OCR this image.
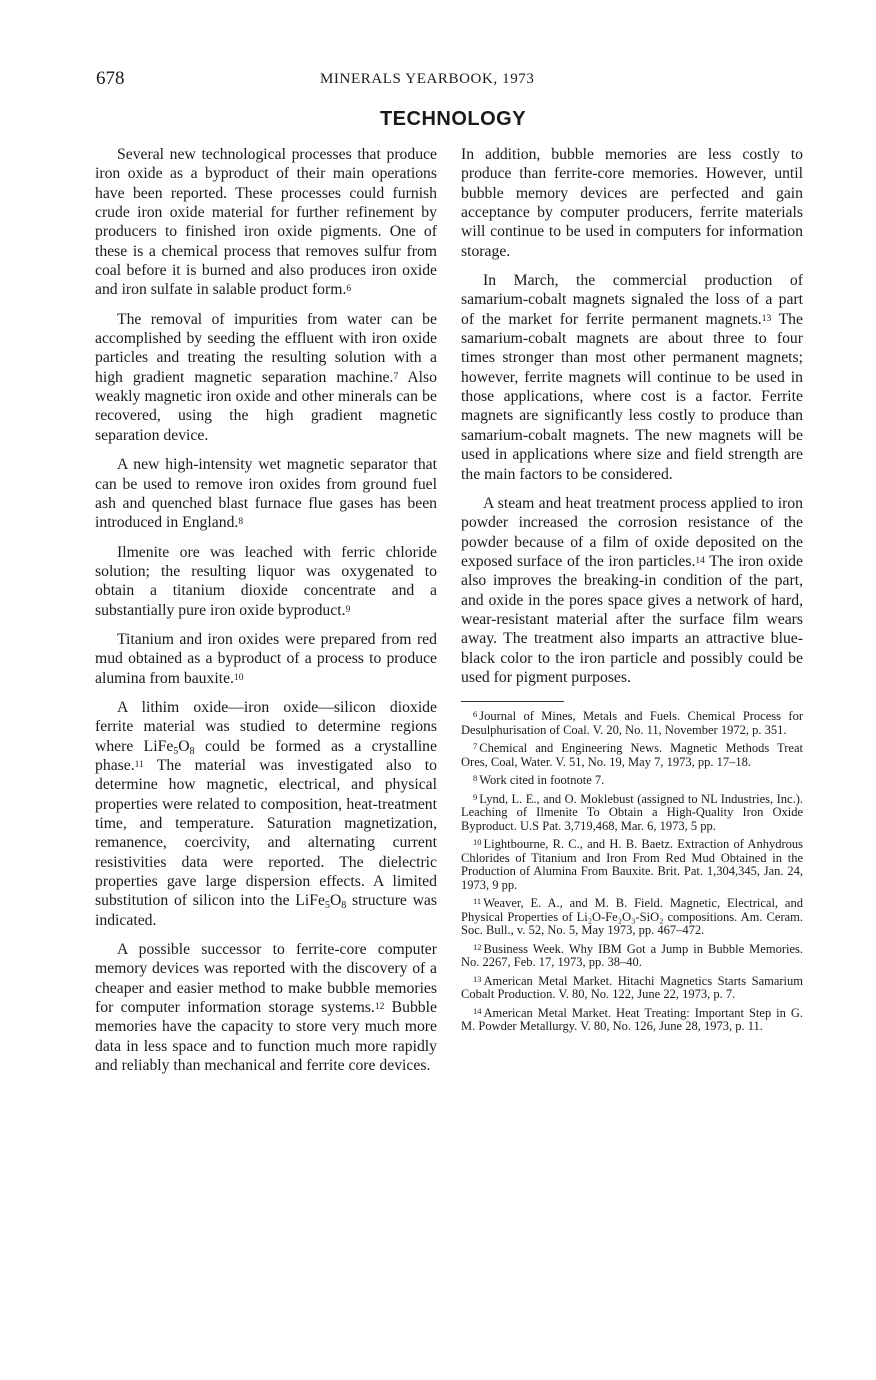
678	MINERALS YEARBOOK, 1973
TECHNOLOGY

Several new technological processes that produce iron oxide as a byproduct of their main operations have been reported. These processes could furnish crude iron oxide material for further refinement by producers to finished iron oxide pigments. One of these is a chemical process that removes sulfur from coal before it is burned and also produces iron oxide and iron sulfate in salable product form.6

The removal of impurities from water can be accomplished by seeding the effluent with iron oxide particles and treating the resulting solution with a high gradient magnetic separation machine.7 Also weakly magnetic iron oxide and other minerals can be recovered, using the high gradient magnetic separation device.

A new high-intensity wet magnetic separator that can be used to remove iron oxides from ground fuel ash and quenched blast furnace flue gases has been introduced in England.8

Ilmenite ore was leached with ferric chloride solution; the resulting liquor was oxygenated to obtain a titanium dioxide concentrate and a substantially pure iron oxide byproduct.9

Titanium and iron oxides were prepared from red mud obtained as a byproduct of a process to produce alumina from bauxite.10

A lithim oxide—iron oxide—silicon dioxide ferrite material was studied to determine regions where $LiFe_5O_8$ could be formed as a crystalline phase.11 The material was investigated also to determine how magnetic, electrical, and physical properties were related to composition, heat-treatment time, and temperature. Saturation magnetization, remanence, coercivity, and alternating current resistivities data were reported. The dielectric properties gave large dispersion effects. A limited substitution of silicon into the $LiFe_5O_8$ structure was indicated.

A possible successor to ferrite-core computer memory devices was reported with the discovery of a cheaper and easier method to make bubble memories for computer information storage systems.12 Bubble memories have the capacity to store very much more data in less space and to function much more rapidly and reliably than mechanical and ferrite core devices.

In addition, bubble memories are less costly to produce than ferrite-core memories. However, until bubble memory devices are perfected and gain acceptance by computer producers, ferrite materials will continue to be used in computers for information storage.

In March, the commercial production of samarium-cobalt magnets signaled the loss of a part of the market for ferrite permanent magnets.13 The samarium-cobalt magnets are about three to four times stronger than most other permanent magnets; however, ferrite magnets will continue to be used in those applications, where cost is a factor. Ferrite magnets are significantly less costly to produce than samarium-cobalt magnets. The new magnets will be used in applications where size and field strength are the main factors to be considered.

A steam and heat treatment process applied to iron powder increased the corrosion resistance of the powder because of a film of oxide deposited on the exposed surface of the iron particles.14 The iron oxide also improves the breaking-in condition of the part, and oxide in the pores space gives a network of hard, wear-resistant material after the surface film wears away. The treatment also imparts an attractive blue-black color to the iron particle and possibly could be used for pigment purposes.

$^6$ Journal of Mines, Metals and Fuels. Chemical Process for Desulphurisation of Coal. V. 20, No. 11, November 1972, p. 351.

$^7$ Chemical and Engineering News. Magnetic Methods Treat Ores, Coal, Water. V. 51, No. 19, May 7, 1973, pp. 17–18.

$^8$ Work cited in footnote 7.

$^9$ Lynd, L. E., and O. Moklebust (assigned to NL Industries, Inc.). Leaching of Ilmenite To Obtain a High-Quality Iron Oxide Byproduct. U.S Pat. 3,719,468, Mar. 6, 1973, 5 pp.

$^{10}$ Lightbourne, R. C., and H. B. Baetz. Extraction of Anhydrous Chlorides of Titanium and Iron From Red Mud Obtained in the Production of Alumina From Bauxite. Brit. Pat. 1,304,345, Jan. 24, 1973, 9 pp.

$^{11}$ Weaver, E. A., and M. B. Field. Magnetic, Electrical, and Physical Properties of Li₂O-Fe₂O₃-SiO₂ compositions. Am. Ceram. Soc. Bull., v. 52, No. 5, May 1973, pp. 467–472.

$^{12}$ Business Week. Why IBM Got a Jump in Bubble Memories. No. 2267, Feb. 17, 1973, pp. 38–40.

$^{13}$ American Metal Market. Hitachi Magnetics Starts Samarium Cobalt Production. V. 80, No. 122, June 22, 1973, p. 7.

$^{14}$ American Metal Market. Heat Treating: Important Step in G. M. Powder Metallurgy. V. 80, No. 126, June 28, 1973, p. 11.
